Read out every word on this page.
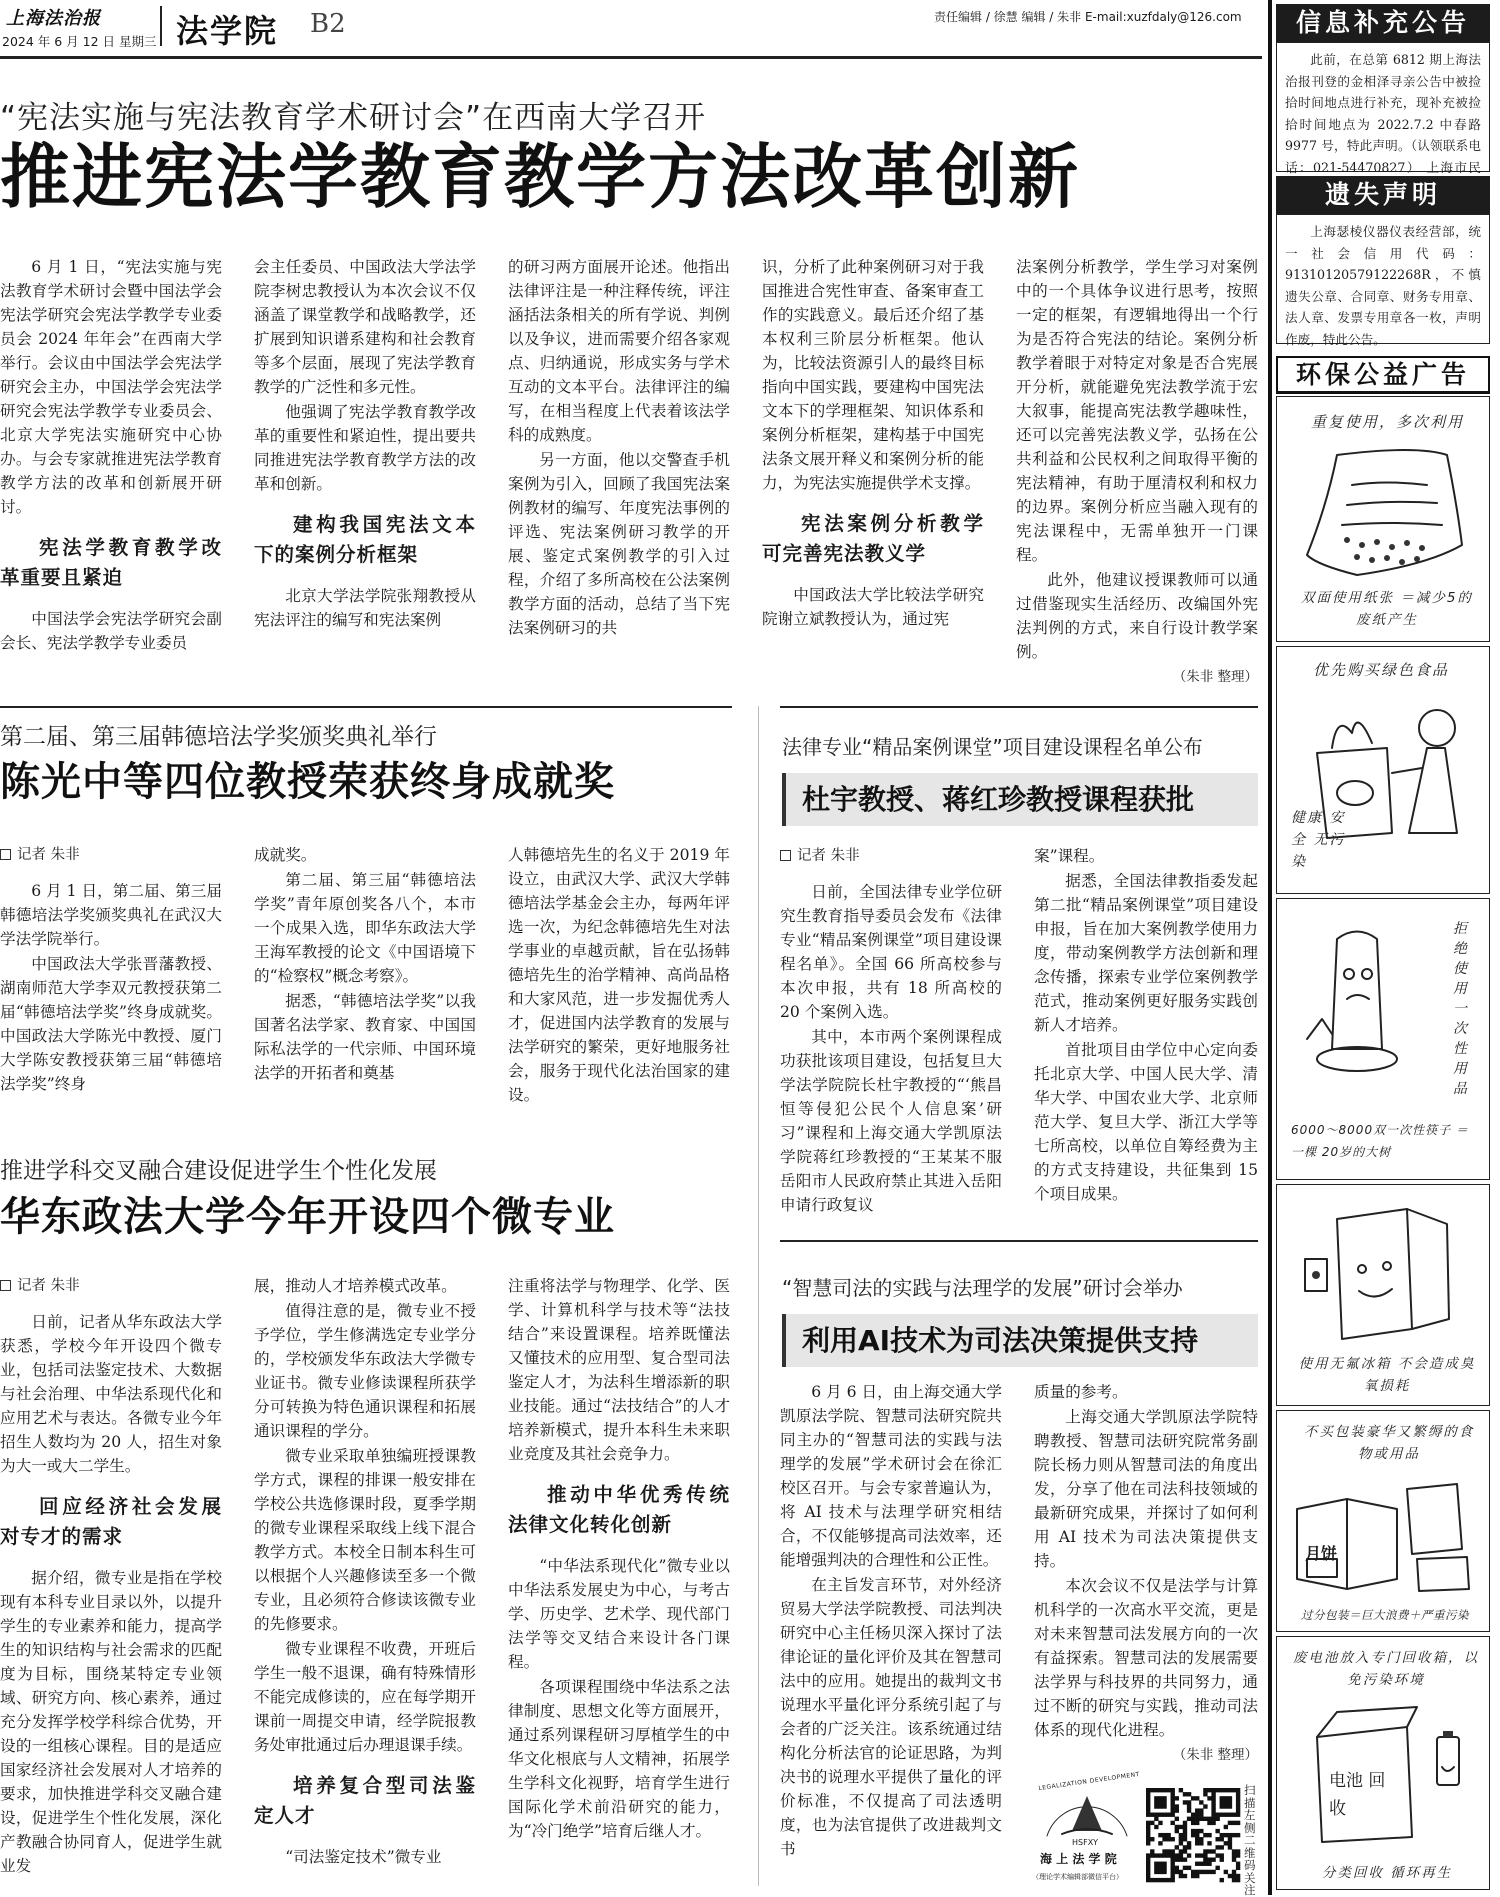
上海法治报
2024 年 6 月 12 日 星期三 法学院 B2	责任编辑 / 徐慧 编辑 / 朱非 E-mail:xuzfdaly@126.com
“宪法实施与宪法教育学术研讨会”在西南大学召开
推进宪法学教育教学方法改革创新

6 月 1 日，“宪法实施与宪法教育学术研讨会暨中国法学会宪法学研究会宪法学教学专业委员会 2024 年年会”在西南大学举行。会议由中国法学会宪法学研究会主办，中国法学会宪法学研究会宪法学教学专业委员会、北京大学宪法实施研究中心协办。与会专家就推进宪法学教育教学方法的改革和创新展开研讨。

宪法学教育教学改革重要且紧迫

中国法学会宪法学研究会副会长、宪法学教学专业委员

会主任委员、中国政法大学法学院李树忠教授认为本次会议不仅涵盖了课堂教学和战略教学，还扩展到知识谱系建构和社会教育等多个层面，展现了宪法学教育教学的广泛性和多元性。

他强调了宪法学教育教学改革的重要性和紧迫性，提出要共同推进宪法学教育教学方法的改革和创新。

建构我国宪法文本下的案例分析框架

北京大学法学院张翔教授从宪法评注的编写和宪法案例

的研习两方面展开论述。他指出法律评注是一种注释传统，评注涵括法条相关的所有学说、判例以及争议，进而需要介绍各家观点、归纳通说，形成实务与学术互动的文本平台。法律评注的编写，在相当程度上代表着该法学科的成熟度。

另一方面，他以交警查手机案例为引入，回顾了我国宪法案例教材的编写、年度宪法事例的评选、宪法案例研习教学的开展、鉴定式案例教学的引入过程，介绍了多所高校在公法案例教学方面的活动，总结了当下宪法案例研习的共

识，分析了此种案例研习对于我国推进合宪性审查、备案审查工作的实践意义。最后还介绍了基本权利三阶层分析框架。他认为，比较法资源引人的最终目标指向中国实践，要建构中国宪法文本下的学理框架、知识体系和案例分析框架，建构基于中国宪法条文展开释义和案例分析的能力，为宪法实施提供学术支撑。

宪法案例分析教学可完善宪法教义学

中国政法大学比较法学研究院谢立斌教授认为，通过宪

法案例分析教学，学生学习对案例中的一个具体争议进行思考，按照一定的框架，有逻辑地得出一个行为是否符合宪法的结论。案例分析教学着眼于对特定对象是否合宪展开分析，就能避免宪法教学流于宏大叙事，能提高宪法教学趣味性，还可以完善宪法教义学，弘扬在公共利益和公民权利之间取得平衡的宪法精神，有助于厘清权利和权力的边界。案例分析应当融入现有的宪法课程中，无需单独开一门课程。

此外，他建议授课教师可以通过借鉴现实生活经历、改编国外宪法判例的方式，来自行设计教学案例。

（朱非 整理）

第二届、第三届韩德培法学奖颁奖典礼举行
陈光中等四位教授荣获终身成就奖
记者 朱非

6 月 1 日，第二届、第三届韩德培法学奖颁奖典礼在武汉大学法学院举行。

中国政法大学张晋藩教授、湖南师范大学李双元教授获第二届“韩德培法学奖”终身成就奖。中国政法大学陈光中教授、厦门大学陈安教授获第三届“韩德培法学奖”终身

成就奖。

第二届、第三届“韩德培法学奖”青年原创奖各八个，本市一个成果入选，即华东政法大学王海军教授的论文《中国语境下的“检察权”概念考察》。

据悉，“韩德培法学奖”以我国著名法学家、教育家、中国国际私法学的一代宗师、中国环境法学的开拓者和奠基

人韩德培先生的名义于 2019 年设立，由武汉大学、武汉大学韩德培法学基金会主办，每两年评选一次，为纪念韩德培先生对法学事业的卓越贡献，旨在弘扬韩德培先生的治学精神、高尚品格和大家风范，进一步发掘优秀人才，促进国内法学教育的发展与法学研究的繁荣，更好地服务社会，服务于现代化法治国家的建设。

推进学科交叉融合建设促进学生个性化发展
华东政法大学今年开设四个微专业
记者 朱非

日前，记者从华东政法大学获悉，学校今年开设四个微专业，包括司法鉴定技术、大数据与社会治理、中华法系现代化和应用艺术与表达。各微专业今年招生人数均为 20 人，招生对象为大一或大二学生。

回应经济社会发展对专才的需求

据介绍，微专业是指在学校现有本科专业目录以外，以提升学生的专业素养和能力，提高学生的知识结构与社会需求的匹配度为目标，围绕某特定专业领域、研究方向、核心素养，通过充分发挥学校学科综合优势，开设的一组核心课程。目的是适应国家经济社会发展对人才培养的要求，加快推进学科交叉融合建设，促进学生个性化发展，深化产教融合协同育人，促进学生就业发

展，推动人才培养模式改革。

值得注意的是，微专业不授予学位，学生修满选定专业学分的，学校颁发华东政法大学微专业证书。微专业修读课程所获学分可转换为特色通识课程和拓展通识课程的学分。

微专业采取单独编班授课教学方式，课程的排课一般安排在学校公共选修课时段，夏季学期的微专业课程采取线上线下混合教学方式。本校全日制本科生可以根据个人兴趣修读至多一个微专业，且必须符合修读该微专业的先修要求。

微专业课程不收费，开班后学生一般不退课，确有特殊情形不能完成修读的，应在每学期开课前一周提交申请，经学院报教务处审批通过后办理退课手续。

培养复合型司法鉴定人才

“司法鉴定技术”微专业

注重将法学与物理学、化学、医学、计算机科学与技术等“法技结合”来设置课程。培养既懂法又懂技术的应用型、复合型司法鉴定人才，为法科生增添新的职业技能。通过“法技结合”的人才培养新模式，提升本科生未来职业竞度及其社会竞争力。

推动中华优秀传统法律文化转化创新

“中华法系现代化”微专业以中华法系发展史为中心，与考古学、历史学、艺术学、现代部门法学等交叉结合来设计各门课程。

各项课程围绕中华法系之法律制度、思想文化等方面展开，通过系列课程研习厚植学生的中华文化根底与人文精神，拓展学生学科文化视野，培育学生进行国际化学术前沿研究的能力，为“冷门绝学”培育后继人才。

法律专业“精品案例课堂”项目建设课程名单公布
杜宇教授、蒋红珍教授课程获批
记者 朱非

日前，全国法律专业学位研究生教育指导委员会发布《法律专业“精品案例课堂”项目建设课程名单》。全国 66 所高校参与本次申报，共有 18 所高校的 20 个案例入选。

其中，本市两个案例课程成功获批该项目建设，包括复旦大学法学院院长杜宇教授的“‘熊昌恒等侵犯公民个人信息案’研习”课程和上海交通大学凯原法学院蒋红珍教授的“王某某不服岳阳市人民政府禁止其进入岳阳申请行政复议

案”课程。

据悉，全国法律教指委发起第二批“精品案例课堂”项目建设申报，旨在加大案例教学使用力度，带动案例教学方法创新和理念传播，探索专业学位案例教学范式，推动案例更好服务实践创新人才培养。

首批项目由学位中心定向委托北京大学、中国人民大学、清华大学、中国农业大学、北京师范大学、复旦大学、浙江大学等七所高校，以单位自筹经费为主的方式支持建设，共征集到 15 个项目成果。

“智慧司法的实践与法理学的发展”研讨会举办
利用AI技术为司法决策提供支持

6 月 6 日，由上海交通大学凯原法学院、智慧司法研究院共同主办的“智慧司法的实践与法理学的发展”学术研讨会在徐汇校区召开。与会专家普遍认为，将 AI 技术与法理学研究相结合，不仅能够提高司法效率，还能增强判决的合理性和公正性。

在主旨发言环节，对外经济贸易大学法学院教授、司法判决研究中心主任杨贝深入探讨了法律论证的量化评价及其在智慧司法中的应用。她提出的裁判文书说理水平量化评分系统引起了与会者的广泛关注。该系统通过结构化分析法官的论证思路，为判决书的说理水平提供了量化的评价标准，不仅提高了司法透明度，也为法官提供了改进裁判文书

质量的参考。

上海交通大学凯原法学院特聘教授、智慧司法研究院常务副院长杨力则从智慧司法的角度出发，分享了他在司法科技领域的最新研究成果，并探讨了如何利用 AI 技术为司法决策提供支持。

本次会议不仅是法学与计算机科学的一次高水平交流，更是对未来智慧司法发展方向的一次有益探索。智慧司法的发展需要法学界与科技界的共同努力，通过不断的研究与实践，推动司法体系的现代化进程。

（朱非 整理）

LEGALIZATION DEVELOPMENT
HSFXY
海 上 法 学 院
（理论学术编辑部微信平台）
扫描左侧二维码关注
信息补充公告

此前，在总第 6812 期上海法治报刊登的金相泽寻亲公告中被捡拾时间地点进行补充，现补充被捡拾时间地点为 2022.7.2 中春路 9977 号，特此声明。（认领联系电话：021-54470827） 上海市民

遗失声明

上海瑟棱仪器仪表经营部，统一社会信用代码：91310120579122268R，不慎遗失公章、合同章、财务专用章、法人章、发票专用章各一枚，声明作废，特此公告。

环保公益广告
重复使用，多次利用
双面使用纸张 ＝减少5的废纸产生
优先购买绿色食品
健康 安全 无污染
拒绝使用一次性用品
6000～8000双一次性筷子 ＝一棵 20岁的大树
使用无氟冰箱 不会造成臭氧损耗
不买包装豪华又繁缛的食物或用品
月饼
过分包装＝巨大浪费＋严重污染
废电池放入专门回收箱，以免污染环境
电池 回收
分类回收 循环再生
